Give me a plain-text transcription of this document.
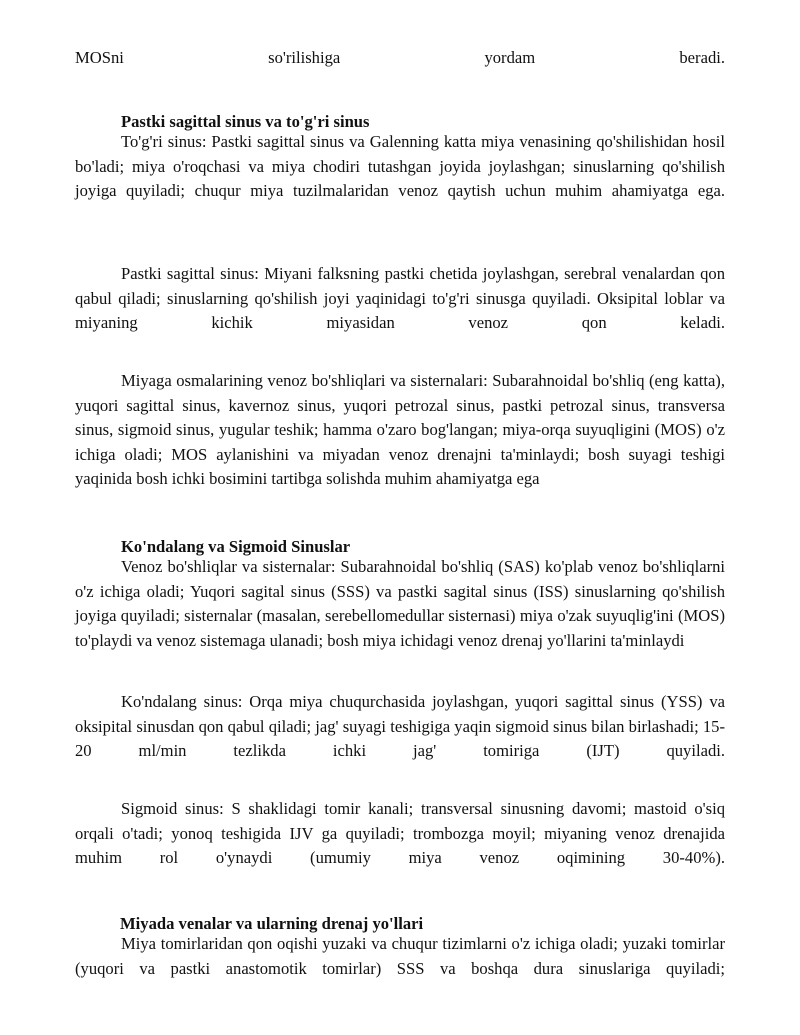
MOSni so'rilishiga yordam beradi.

Pastki sagittal sinus va to'g'ri sinus

To'g'ri sinus: Pastki sagittal sinus va Galenning katta miya venasining qo'shilishidan hosil bo'ladi; miya o'roqchasi va miya chodiri tutashgan joyida joylashgan; sinuslarning qo'shilish joyiga quyiladi; chuqur miya tuzilmalaridan venoz qaytish uchun muhim ahamiyatga ega.

Pastki sagittal sinus: Miyani falksning pastki chetida joylashgan, serebral venalardan qon qabul qiladi; sinuslarning qo'shilish joyi yaqinidagi to'g'ri sinusga quyiladi. Oksipital loblar va miyaning kichik miyasidan venoz qon keladi.

Miyaga osmalarining venoz bo'shliqlari va sisternalari: Subarahnoidal bo'shliq (eng katta), yuqori sagittal sinus, kavernoz sinus, yuqori petrozal sinus, pastki petrozal sinus, transversa sinus, sigmoid sinus, yugular teshik; hamma o'zaro bog'langan; miya-orqa suyuqligini (MOS) o'z ichiga oladi; MOS aylanishini va miyadan venoz drenajni ta'minlaydi; bosh suyagi teshigi yaqinida bosh ichki bosimini tartibga solishda muhim ahamiyatga ega

Ko'ndalang va Sigmoid Sinuslar

Venoz bo'shliqlar va sisternalar: Subarahnoidal bo'shliq (SAS) ko'plab venoz bo'shliqlarni o'z ichiga oladi; Yuqori sagital sinus (SSS) va pastki sagital sinus (ISS) sinuslarning qo'shilish joyiga quyiladi; sisternalar (masalan, serebellomedullar sisternasi) miya o'zak suyuqlig'ini (MOS) to'playdi va venoz sistemaga ulanadi; bosh miya ichidagi venoz drenaj yo'llarini ta'minlaydi

Ko'ndalang sinus: Orqa miya chuqurchasida joylashgan, yuqori sagittal sinus (YSS) va oksipital sinusdan qon qabul qiladi; jag' suyagi teshigiga yaqin sigmoid sinus bilan birlashadi; 15-20 ml/min tezlikda ichki jag' tomiriga (IJT) quyiladi.

Sigmoid sinus: S shaklidagi tomir kanali; transversal sinusning davomi; mastoid o'siq orqali o'tadi; yonoq teshigida IJV ga quyiladi; trombozga moyil; miyaning venoz drenajida muhim rol o'ynaydi (umumiy miya venoz oqimining 30-40%).

Miyada venalar va ularning drenaj yo'llari

Miya tomirlaridan qon oqishi yuzaki va chuqur tizimlarni o'z ichiga oladi; yuzaki tomirlar (yuqori va pastki anastomotik tomirlar) SSS va boshqa dura sinuslariga quyiladi;
